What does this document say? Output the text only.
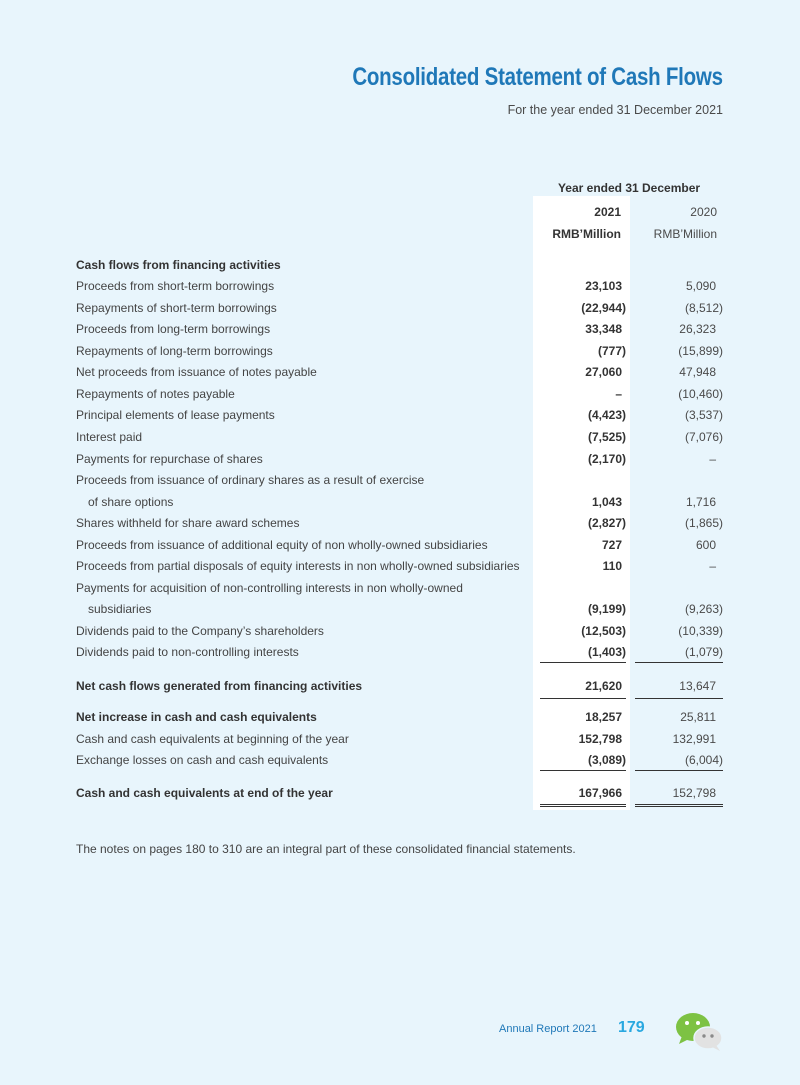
Consolidated Statement of Cash Flows
For the year ended 31 December 2021
Year ended 31 December
2021	2020
RMB’Million	RMB’Million
Cash flows from financing activities
Proceeds from short-term borrowings	23,103	5,090
Repayments of short-term borrowings	(22,944)	(8,512)
Proceeds from long-term borrowings	33,348	26,323
Repayments of long-term borrowings	(777)	(15,899)
Net proceeds from issuance of notes payable	27,060	47,948
Repayments of notes payable	–	(10,460)
Principal elements of lease payments	(4,423)	(3,537)
Interest paid	(7,525)	(7,076)
Payments for repurchase of shares	(2,170)	–
Proceeds from issuance of ordinary shares as a result of exercise
of share options	1,043	1,716
Shares withheld for share award schemes	(2,827)	(1,865)
Proceeds from issuance of additional equity of non wholly-owned subsidiaries	727	600
Proceeds from partial disposals of equity interests in non wholly-owned subsidiaries	110	–
Payments for acquisition of non-controlling interests in non wholly-owned
subsidiaries	(9,199)	(9,263)
Dividends paid to the Company’s shareholders	(12,503)	(10,339)
Dividends paid to non-controlling interests	(1,403)	(1,079)
Net cash flows generated from financing activities	21,620	13,647
Net increase in cash and cash equivalents	18,257	25,811
Cash and cash equivalents at beginning of the year	152,798	132,991
Exchange losses on cash and cash equivalents	(3,089)	(6,004)
Cash and cash equivalents at end of the year	167,966	152,798
The notes on pages 180 to 310 are an integral part of these consolidated financial statements.
Annual Report 2021 179
